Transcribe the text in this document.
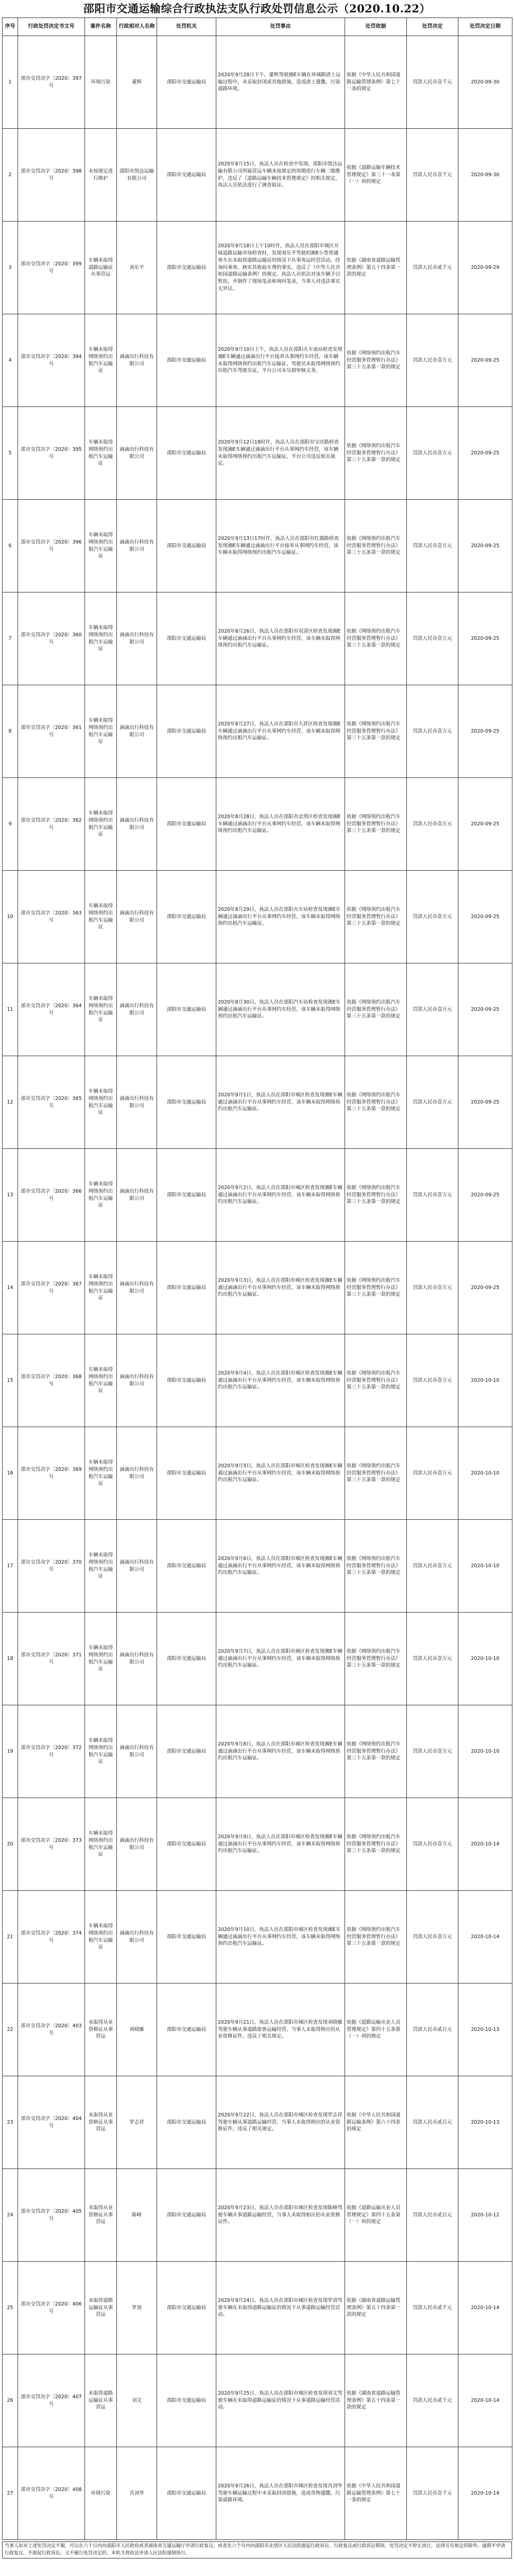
邵阳市交通运输综合行政执法支队行政处罚信息公示（2020.10.22）
序号	行政处罚决定书文号	案件名称	行政相对人名称	处罚机关	处罚事由	处罚依据	处罚决定	处罚决定日期
1	邵市交罚决字〔2020〕397号	环境污染	董辉	邵阳市交通运输局	2020年9月28日下午，董辉驾驶湘E车辆在环城路渣土运输过程中，未采取封闭或其他措施，造成渣土遗撒，污染道路环境。	依据《中华人民共和国道路运输管理条例》第七十一条的规定	罚款人民币壹千元	2020-09-30
2	邵市交罚决字〔2020〕398号	未按规定进行维护	邵阳市凯达运输有限公司	邵阳市交通运输局	2020年8月15日，执法人员在检查中发现，邵阳市凯达运输有限公司所属营运车辆未按规定的周期进行车辆二级维护，违反了《道路运输车辆技术管理规定》的相关规定，执法人员依法进行了调查取证。	依据《道路运输车辆技术管理规定》第三十一条第（一）项的规定	罚款人民币壹千元	2020-09-30
3	邵市交罚决字〔2020〕399号	车辆未取得道路运输证从事营运	刘乐平	邵阳市交通运输局	2020年9月18日上午10时许，执法人员在邵阳市城区开展道路运输市场检查时，发现刘乐平驾驶的湘E小型普通客车在未取得道路运输证的情况下从事客运经营活动，经询问乘客，核实其收取车费的事实，违反了《中华人民共和国道路运输条例》的规定。执法人员依法对该车辆予以暂扣，并制作了现场笔录和询问笔录，当事人对违法事实无异议。	依据《湖南省道路运输管理条例》第五十四条第一款的规定	罚款人民币贰千元	2020-09-29
4	邵市交罚决字〔2020〕394号	车辆未取得网络预约出租汽车运输证	滴滴出行科技有限公司	邵阳市交通运输局	2020年9月10日上午，执法人员在邵阳火车南站检查发现湘E车辆通过滴滴出行平台接单从事网约车经营，该车辆未取得网络预约出租汽车运输证，驾驶员未取得网络预约出租汽车驾驶员证，平台公司未尽到审核义务。	依据《网络预约出租汽车经营服务管理暂行办法》第三十五条第一款的规定	罚款人民币壹万元	2020-09-25
5	邵市交罚决字〔2020〕395号	车辆未取得网络预约出租汽车运输证	滴滴出行科技有限公司	邵阳市交通运输局	2020年9月12日18时许，执法人员在邵阳市宝庆路检查发现湘E车辆通过滴滴出行平台从事网约车经营，该车辆未取得网络预约出租汽车运输证，平台公司违反相关规定。	依据《网络预约出租汽车经营服务管理暂行办法》第三十五条第一款的规定	罚款人民币壹万元	2020-09-25
6	邵市交罚决字〔2020〕396号	车辆未取得网络预约出租汽车运输证	滴滴出行科技有限公司	邵阳市交通运输局	2020年9月13日17时许，执法人员在邵阳市红旗路检查发现湘E车辆通过滴滴出行平台接单从事网约车经营，该车辆未取得网络预约出租汽车运输证。	依据《网络预约出租汽车经营服务管理暂行办法》第三十五条第一款的规定	罚款人民币壹万元	2020-09-25
7	邵市交罚决字〔2020〕360号	车辆未取得网络预约出租汽车运输证	滴滴出行科技有限公司	邵阳市交通运输局	2020年8月26日，执法人员在邵阳市双清区检查发现湘E车辆通过滴滴出行平台从事网约车经营，该车辆未取得网络预约出租汽车运输证。	依据《网络预约出租汽车经营服务管理暂行办法》第三十五条第一款的规定	罚款人民币壹万元	2020-09-25
8	邵市交罚决字〔2020〕361号	车辆未取得网络预约出租汽车运输证	滴滴出行科技有限公司	邵阳市交通运输局	2020年8月27日，执法人员在邵阳市大祥区检查发现湘E车辆通过滴滴出行平台从事网约车经营，该车辆未取得网络预约出租汽车运输证。	依据《网络预约出租汽车经营服务管理暂行办法》第三十五条第一款的规定	罚款人民币壹万元	2020-09-25
9	邵市交罚决字〔2020〕362号	车辆未取得网络预约出租汽车运输证	滴滴出行科技有限公司	邵阳市交通运输局	2020年8月28日，执法人员在邵阳市北塔区检查发现湘E车辆通过滴滴出行平台从事网约车经营，该车辆未取得网络预约出租汽车运输证。	依据《网络预约出租汽车经营服务管理暂行办法》第三十五条第一款的规定	罚款人民币壹万元	2020-09-25
10	邵市交罚决字〔2020〕363号	车辆未取得网络预约出租汽车运输证	滴滴出行科技有限公司	邵阳市交通运输局	2020年8月29日，执法人员在邵阳火车站检查发现湘E车辆通过滴滴出行平台从事网约车经营，该车辆未取得网络预约出租汽车运输证。	依据《网络预约出租汽车经营服务管理暂行办法》第三十五条第一款的规定	罚款人民币壹万元	2020-09-25
11	邵市交罚决字〔2020〕364号	车辆未取得网络预约出租汽车运输证	滴滴出行科技有限公司	邵阳市交通运输局	2020年8月30日，执法人员在邵阳汽车站检查发现湘E车辆通过滴滴出行平台从事网约车经营，该车辆未取得网络预约出租汽车运输证。	依据《网络预约出租汽车经营服务管理暂行办法》第三十五条第一款的规定	罚款人民币壹万元	2020-09-25
12	邵市交罚决字〔2020〕365号	车辆未取得网络预约出租汽车运输证	滴滴出行科技有限公司	邵阳市交通运输局	2020年9月1日，执法人员在邵阳市城区检查发现湘E车辆通过滴滴出行平台从事网约车经营，该车辆未取得网络预约出租汽车运输证。	依据《网络预约出租汽车经营服务管理暂行办法》第三十五条第一款的规定	罚款人民币壹万元	2020-09-25
13	邵市交罚决字〔2020〕366号	车辆未取得网络预约出租汽车运输证	滴滴出行科技有限公司	邵阳市交通运输局	2020年9月2日，执法人员在邵阳市城区检查发现湘E车辆通过滴滴出行平台从事网约车经营，该车辆未取得网络预约出租汽车运输证。	依据《网络预约出租汽车经营服务管理暂行办法》第三十五条第一款的规定	罚款人民币壹万元	2020-09-25
14	邵市交罚决字〔2020〕367号	车辆未取得网络预约出租汽车运输证	滴滴出行科技有限公司	邵阳市交通运输局	2020年9月3日，执法人员在邵阳市城区检查发现湘E车辆通过滴滴出行平台从事网约车经营，该车辆未取得网络预约出租汽车运输证。	依据《网络预约出租汽车经营服务管理暂行办法》第三十五条第一款的规定	罚款人民币壹万元	2020-09-25
15	邵市交罚决字〔2020〕368号	车辆未取得网络预约出租汽车运输证	滴滴出行科技有限公司	邵阳市交通运输局	2020年9月4日，执法人员在邵阳市城区检查发现湘E车辆通过滴滴出行平台从事网约车经营，该车辆未取得网络预约出租汽车运输证。	依据《网络预约出租汽车经营服务管理暂行办法》第三十五条第一款的规定	罚款人民币壹万元	2020-10-10
16	邵市交罚决字〔2020〕369号	车辆未取得网络预约出租汽车运输证	滴滴出行科技有限公司	邵阳市交通运输局	2020年9月5日，执法人员在邵阳市城区检查发现湘E车辆通过滴滴出行平台从事网约车经营，该车辆未取得网络预约出租汽车运输证。	依据《网络预约出租汽车经营服务管理暂行办法》第三十五条第一款的规定	罚款人民币壹万元	2020-10-10
17	邵市交罚决字〔2020〕370号	车辆未取得网络预约出租汽车运输证	滴滴出行科技有限公司	邵阳市交通运输局	2020年9月6日，执法人员在邵阳市城区检查发现湘E车辆通过滴滴出行平台从事网约车经营，该车辆未取得网络预约出租汽车运输证。	依据《网络预约出租汽车经营服务管理暂行办法》第三十五条第一款的规定	罚款人民币壹万元	2020-10-10
18	邵市交罚决字〔2020〕371号	车辆未取得网络预约出租汽车运输证	滴滴出行科技有限公司	邵阳市交通运输局	2020年9月7日，执法人员在邵阳市城区检查发现湘E车辆通过滴滴出行平台从事网约车经营，该车辆未取得网络预约出租汽车运输证。	依据《网络预约出租汽车经营服务管理暂行办法》第三十五条第一款的规定	罚款人民币壹万元	2020-10-10
19	邵市交罚决字〔2020〕372号	车辆未取得网络预约出租汽车运输证	滴滴出行科技有限公司	邵阳市交通运输局	2020年9月8日，执法人员在邵阳市城区检查发现湘E车辆通过滴滴出行平台从事网约车经营，该车辆未取得网络预约出租汽车运输证。	依据《网络预约出租汽车经营服务管理暂行办法》第三十五条第一款的规定	罚款人民币壹万元	2020-10-10
20	邵市交罚决字〔2020〕373号	车辆未取得网络预约出租汽车运输证	滴滴出行科技有限公司	邵阳市交通运输局	2020年9月9日，执法人员在邵阳市城区检查发现湘E车辆通过滴滴出行平台从事网约车经营，该车辆未取得网络预约出租汽车运输证。	依据《网络预约出租汽车经营服务管理暂行办法》第三十五条第一款的规定	罚款人民币壹万元	2020-10-14
21	邵市交罚决字〔2020〕374号	车辆未取得网络预约出租汽车运输证	滴滴出行科技有限公司	邵阳市交通运输局	2020年9月10日，执法人员在邵阳市城区检查发现湘E车辆通过滴滴出行平台从事网约车经营，该车辆未取得网络预约出租汽车运输证。	依据《网络预约出租汽车经营服务管理暂行办法》第三十五条第一款的规定	罚款人民币壹万元	2020-10-14
22	邵市交罚决字〔2020〕403号	未取得从业资格证从事营运	刘晓雁	邵阳市交通运输局	2020年9月21日，执法人员在邵阳市城区检查发现刘晓雁驾驶车辆从事道路旅客运输经营，当事人未取得相应的从业资格证件，违反了相关规定。	依据《道路运输从业人员管理规定》第四十五条第（一）项的规定	罚款人民币贰百元	2020-10-13
23	邵市交罚决字〔2020〕404号	未取得从业资格证从事营运	罗志祥	邵阳市交通运输局	2020年9月22日，执法人员在邵阳市城区检查发现罗志祥驾驶车辆从事道路运输经营，当事人未取得相应的从业资格证件，违反了相关规定。	依据《中华人民共和国道路运输条例》第六十四条的规定	罚款人民币贰百元	2020-10-13
24	邵市交罚决字〔2020〕405号	未取得从业资格证从事营运	陈峰	邵阳市交通运输局	2020年9月23日，执法人员在邵阳市城区检查发现陈峰驾驶车辆从事道路运输经营，当事人未取得相应的从业资格证件。	依据《道路运输从业人员管理规定》第四十五条第（一）项的规定	罚款人民币贰百元	2020-10-12
25	邵市交罚决字〔2020〕406号	未取得道路运输证从事营运	罗劲	邵阳市交通运输局	2020年9月24日，执法人员在邵阳市城区检查发现罗劲驾驶车辆在未取得道路运输证的情况下从事道路运输经营活动。	依据《湖南省道路运输管理条例》第五十四条第一款的规定	罚款人民币贰千元	2020-10-14
26	邵市交罚决字〔2020〕407号	未取得道路运输证从事营运	刘文	邵阳市交通运输局	2020年9月25日，执法人员在邵阳市城区检查发现刘文驾驶车辆在未取得道路运输证的情况下从事道路运输经营活动。	依据《湖南省道路运输管理条例》第五十四条第一款的规定	罚款人民币贰千元	2020-10-14
27	邵市交罚决字〔2020〕408号	环境污染	肖剑华	邵阳市交通运输局	2020年9月26日，执法人员在邵阳市城区检查发现肖剑华驾驶车辆运输过程中未采取封闭措施，造成货物遗撒，污染道路环境。	依据《中华人民共和国道路运输管理条例》第七十一条的规定	罚款人民币壹千元	2020-10-14
当事人如对上述处罚决定不服，可以在六十日内向邵阳市人民政府或者湖南省交通运输厅申请行政复议，或者在六个月内向邵阳市北塔区人民法院提起行政诉讼。行政复议或行政诉讼期间，处罚决定不停止执行，法律另有规定的除外。逾期不申请行政复议，不提起行政诉讼，又不履行处罚决定的，本机关将依法申请人民法院强制执行。
